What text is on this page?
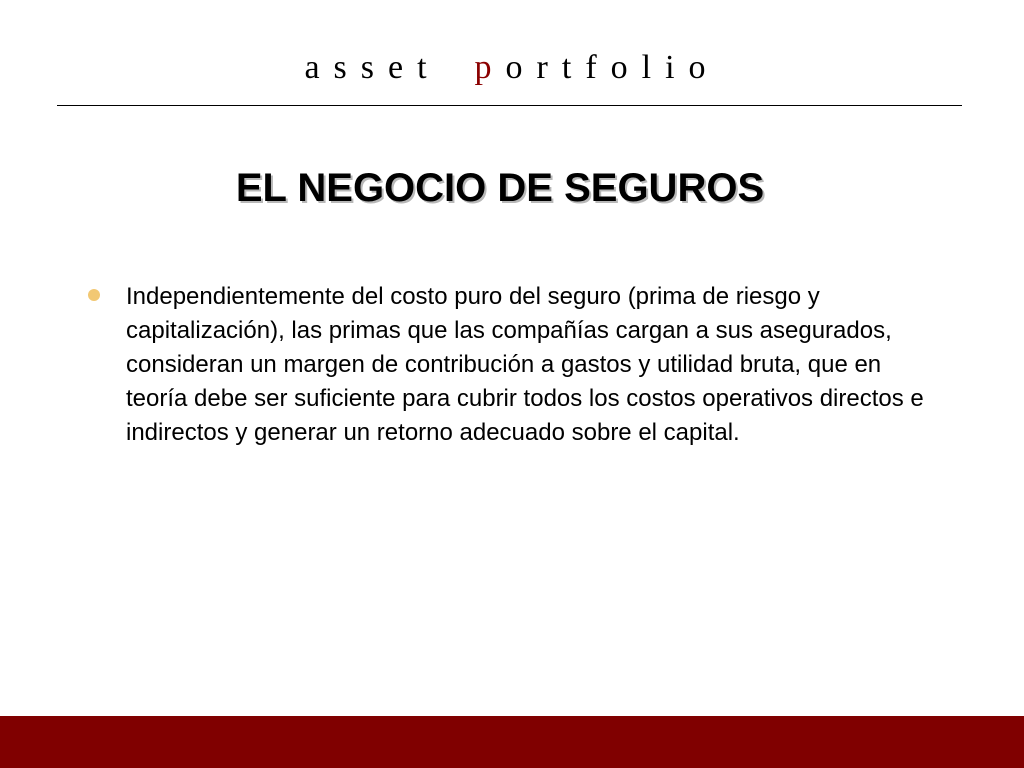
asset portfolio
EL NEGOCIO DE SEGUROS
Independientemente del costo puro del seguro (prima de riesgo y capitalización), las primas que las compañías cargan a sus asegurados, consideran un margen de contribución a gastos y utilidad bruta, que en teoría debe ser suficiente para cubrir todos los costos operativos directos e indirectos y generar un retorno adecuado sobre el capital.
